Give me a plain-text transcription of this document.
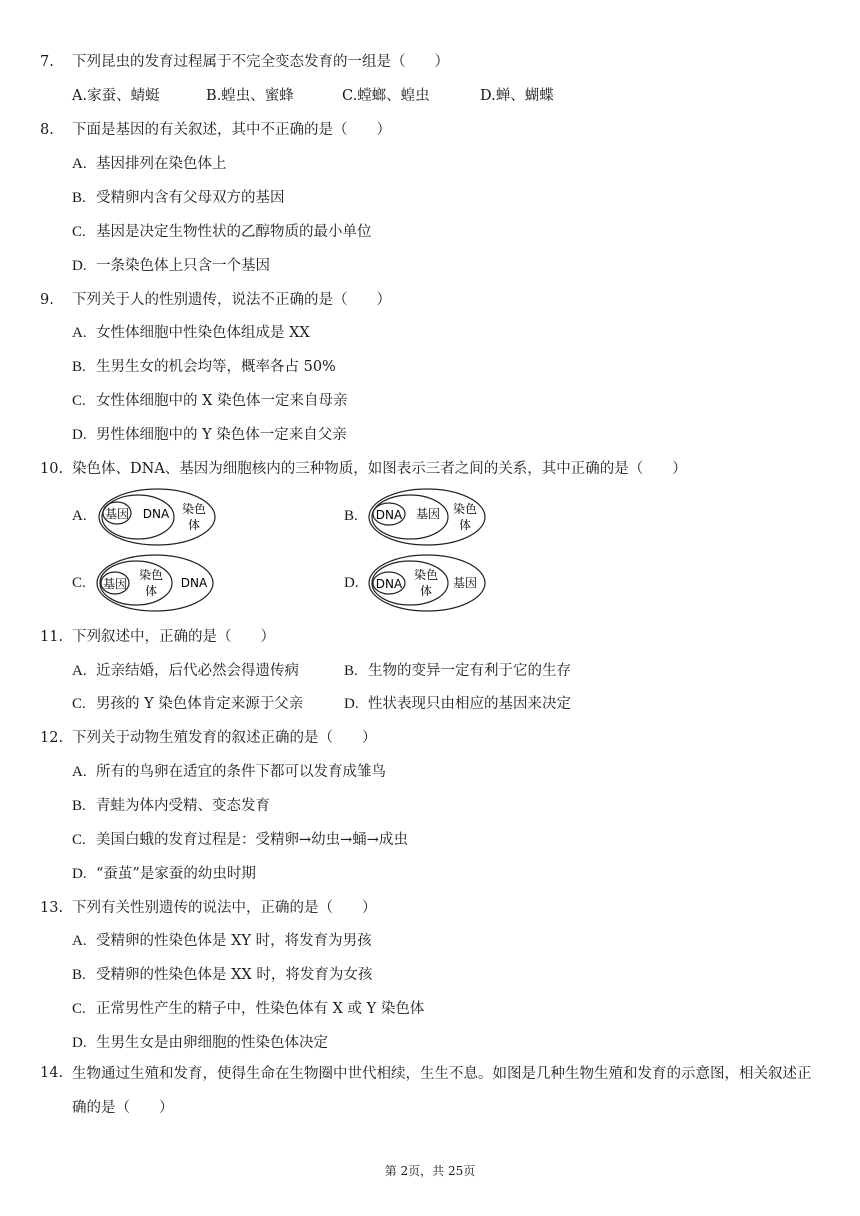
7. 下列昆虫的发育过程属于不完全变态发育的一组是（　　）
A.家蚕、蜻蜓	B.蝗虫、蜜蜂	C.螳螂、蝗虫	D.蝉、蝴蝶
8. 下面是基因的有关叙述，其中不正确的是（　　）
A. 基因排列在染色体上
B. 受精卵内含有父母双方的基因
C. 基因是决定生物性状的乙醇物质的最小单位
D. 一条染色体上只含一个基因
9. 下列关于人的性别遗传，说法不正确的是（　　）
A. 女性体细胞中性染色体组成是 XX
B. 生男生女的机会均等，概率各占 50%
C. 女性体细胞中的 X 染色体一定来自母亲
D. 男性体细胞中的 Y 染色体一定来自父亲
10. 染色体、DNA、基因为细胞核内的三种物质，如图表示三者之间的关系，其中正确的是（　　）
A. 基因 DNA 染色
体
B. DNA 基因 染色
体
C. 基因
染色
体
DNA	D. DNA
染色
体
基因
11. 下列叙述中，正确的是（　　）
A. 近亲结婚，后代必然会得遗传病	B. 生物的变异一定有利于它的生存
C. 男孩的 Y 染色体肯定来源于父亲	D. 性状表现只由相应的基因来决定
12. 下列关于动物生殖发育的叙述正确的是（　　）
A. 所有的鸟卵在适宜的条件下都可以发育成雏鸟
B. 青蛙为体内受精、变态发育
C. 美国白蛾的发育过程是：受精卵→幼虫→蛹→成虫
D. “蚕茧”是家蚕的幼虫时期
13. 下列有关性别遗传的说法中，正确的是（　　）
A. 受精卵的性染色体是 XY 时，将发育为男孩
B. 受精卵的性染色体是 XX 时，将发育为女孩
C. 正常男性产生的精子中，性染色体有 X 或 Y 染色体
D. 生男生女是由卵细胞的性染色体决定
14. 生物通过生殖和发育，使得生命在生物圈中世代相续，生生不息。如图是几种生物生殖和发育的示意图，相关叙述正确的是（　　）
第 2页，共 25页
